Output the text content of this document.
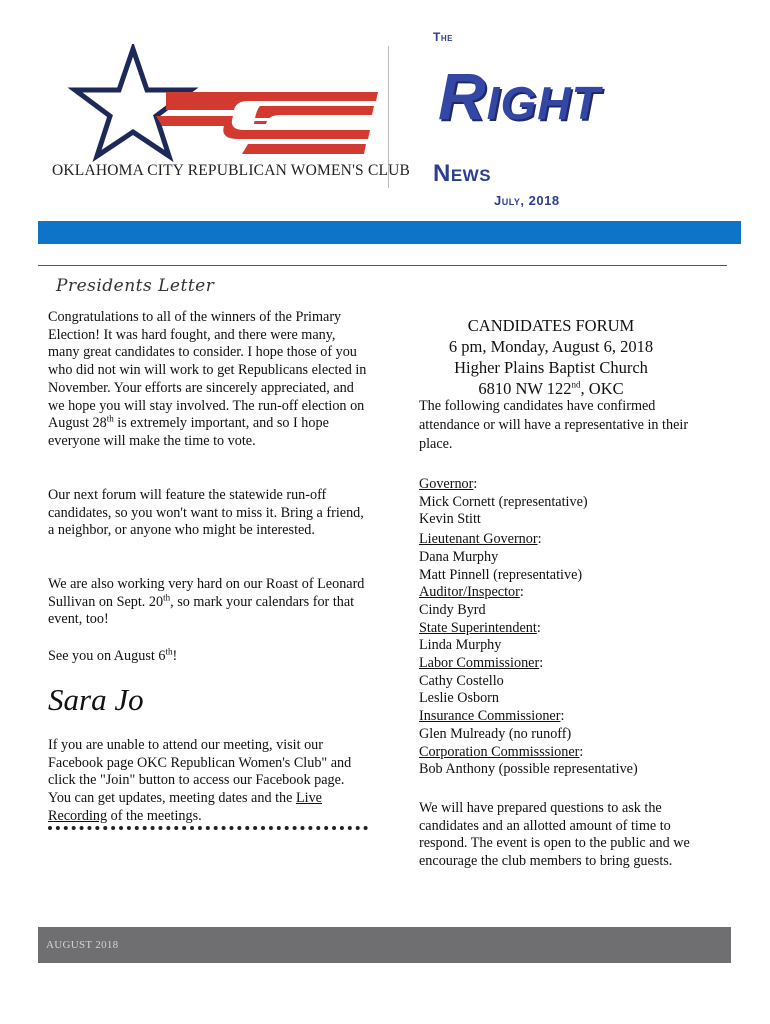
OKLAHOMA CITY REPUBLICAN WOMEN'S CLUB
The
Right
News
July, 2018
Presidents Letter
Congratulations to all of the winners of the Primary Election! It was hard fought, and there were many, many great candidates to consider. I hope those of you who did not win will work to get Republicans elected in November. Your efforts are sincerely appreciated, and we hope you will stay involved. The run-off election on August 28th is extremely important, and so I hope everyone will make the time to vote.
Our next forum will feature the statewide run-off candidates, so you won't want to miss it. Bring a friend, a neighbor, or anyone who might be interested.
We are also working very hard on our Roast of Leonard Sullivan on Sept. 20th, so mark your calendars for that event, too!
See you on August 6th!
Sara Jo
If you are unable to attend our meeting, visit our Facebook page OKC Republican Women's Club" and click the "Join" button to access our Facebook page. You can get updates, meeting dates and the Live Recording of the meetings.
CANDIDATES FORUM
6 pm, Monday, August 6, 2018
Higher Plains Baptist Church
6810 NW 122nd, OKC
The following candidates have confirmed attendance or will have a representative in their place.
Governor:
Mick Cornett (representative)
Kevin Stitt
Lieutenant Governor:
Dana Murphy
Matt Pinnell (representative)
Auditor/Inspector:
Cindy Byrd
State Superintendent:
Linda Murphy
Labor Commissioner:
Cathy Costello
Leslie Osborn
Insurance Commissioner:
Glen Mulready (no runoff)
Corporation Commisssioner:
Bob Anthony (possible representative)
We will have prepared questions to ask the candidates and an allotted amount of time to respond. The event is open to the public and we encourage the club members to bring guests.
AUGUST 2018
